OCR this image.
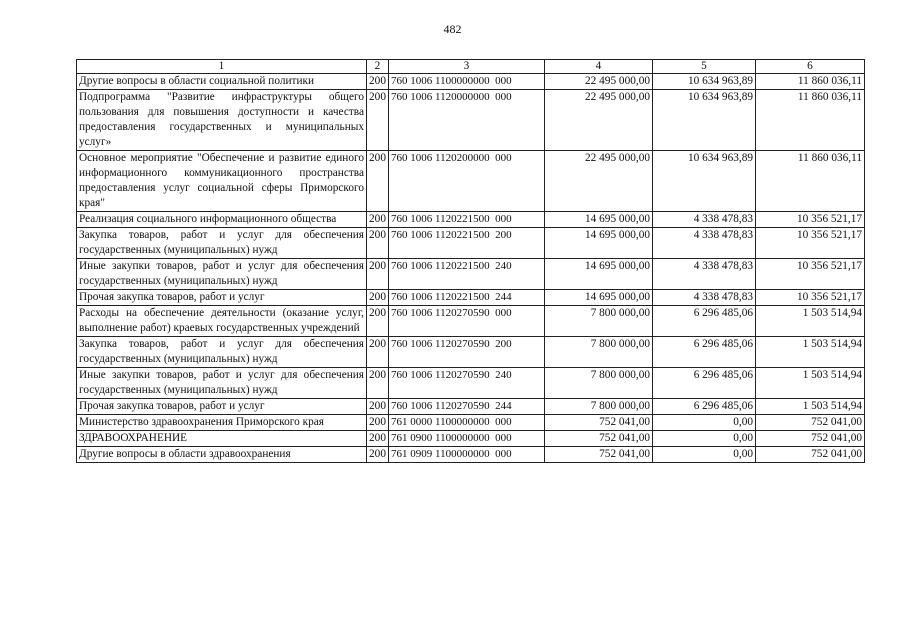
482
1	2	3	4	5	6
Другие вопросы в области социальной политики	200	760 1006 1100000000  000	22 495 000,00	10 634 963,89	11 860 036,11
Подпрограмма "Развитие инфраструктуры общего пользования для повышения доступности и качества предоставления государственных и муниципальных услуг»	200	760 1006 1120000000  000	22 495 000,00	10 634 963,89	11 860 036,11
Основное мероприятие "Обеспечение и развитие единого информационного коммуникационного пространства предоставления услуг социальной сферы Приморского края"	200	760 1006 1120200000  000	22 495 000,00	10 634 963,89	11 860 036,11
Реализация социального информационного общества	200	760 1006 1120221500  000	14 695 000,00	4 338 478,83	10 356 521,17
Закупка товаров, работ и услуг для обеспечения государственных (муниципальных) нужд	200	760 1006 1120221500  200	14 695 000,00	4 338 478,83	10 356 521,17
Иные закупки товаров, работ и услуг для обеспечения государственных (муниципальных) нужд	200	760 1006 1120221500  240	14 695 000,00	4 338 478,83	10 356 521,17
Прочая закупка товаров, работ и услуг	200	760 1006 1120221500  244	14 695 000,00	4 338 478,83	10 356 521,17
Расходы на обеспечение деятельности (оказание услуг, выполнение работ) краевых государственных учреждений	200	760 1006 1120270590  000	7 800 000,00	6 296 485,06	1 503 514,94
Закупка товаров, работ и услуг для обеспечения государственных (муниципальных) нужд	200	760 1006 1120270590  200	7 800 000,00	6 296 485,06	1 503 514,94
Иные закупки товаров, работ и услуг для обеспечения государственных (муниципальных) нужд	200	760 1006 1120270590  240	7 800 000,00	6 296 485,06	1 503 514,94
Прочая закупка товаров, работ и услуг	200	760 1006 1120270590  244	7 800 000,00	6 296 485,06	1 503 514,94
Министерство здравоохранения Приморского края	200	761 0000 1100000000  000	752 041,00	0,00	752 041,00
ЗДРАВООХРАНЕНИЕ	200	761 0900 1100000000  000	752 041,00	0,00	752 041,00
Другие вопросы в области здравоохранения	200	761 0909 1100000000  000	752 041,00	0,00	752 041,00
